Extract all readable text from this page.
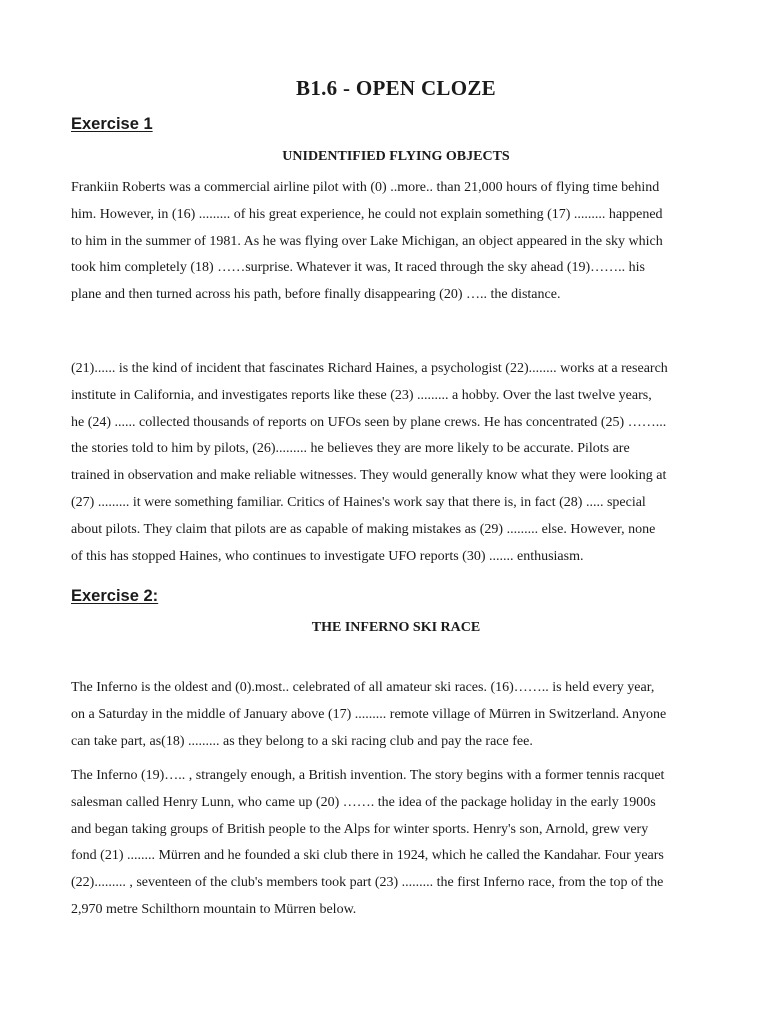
B1.6 - OPEN CLOZE
Exercise 1
UNIDENTIFIED FLYING OBJECTS

Frankiin Roberts was a commercial airline pilot with (0) ..more.. than 21,000 hours of flying time behind
him. However, in (16) ......... of his great experience, he could not explain something (17) ......... happened
to him in the summer of 1981. As he was flying over Lake Michigan, an object appeared in the sky which
took him completely (18) ……surprise. Whatever it was, It raced through the sky ahead (19)…….. his
plane and then turned across his path, before finally disappearing (20) ….. the distance.

(21)...... is the kind of incident that fascinates Richard Haines, a psychologist (22)........ works at a research
institute in California, and investigates reports like these (23) ......... a hobby. Over the last twelve years,
he (24) ...... collected thousands of reports on UFOs seen by plane crews. He has concentrated (25) ……...
the stories told to him by pilots, (26)......... he believes they are more likely to be accurate. Pilots are
trained in observation and make reliable witnesses. They would generally know what they were looking at
(27) ......... it were something familiar. Critics of Haines's work say that there is, in fact (28) ..... special
about pilots. They claim that pilots are as capable of making mistakes as (29) ......... else. However, none
of this has stopped Haines, who continues to investigate UFO reports (30) ....... enthusiasm.

Exercise 2:
THE INFERNO SKI RACE

The Inferno is the oldest and (0).most.. celebrated of all amateur ski races. (16)…….. is held every year,
on a Saturday in the middle of January above (17) ......... remote village of Mürren in Switzerland. Anyone
can take part, as(18) ......... as they belong to a ski racing club and pay the race fee.

The Inferno (19)….. , strangely enough, a British invention. The story begins with a former tennis racquet
salesman called Henry Lunn, who came up (20) ……. the idea of the package holiday in the early 1900s
and began taking groups of British people to the Alps for winter sports. Henry's son, Arnold, grew very
fond (21) ........ Mürren and he founded a ski club there in 1924, which he called the Kandahar. Four years
(22)......... , seventeen of the club's members took part (23) ......... the first Inferno race, from the top of the
2,970 metre Schilthorn mountain to Mürren below.
